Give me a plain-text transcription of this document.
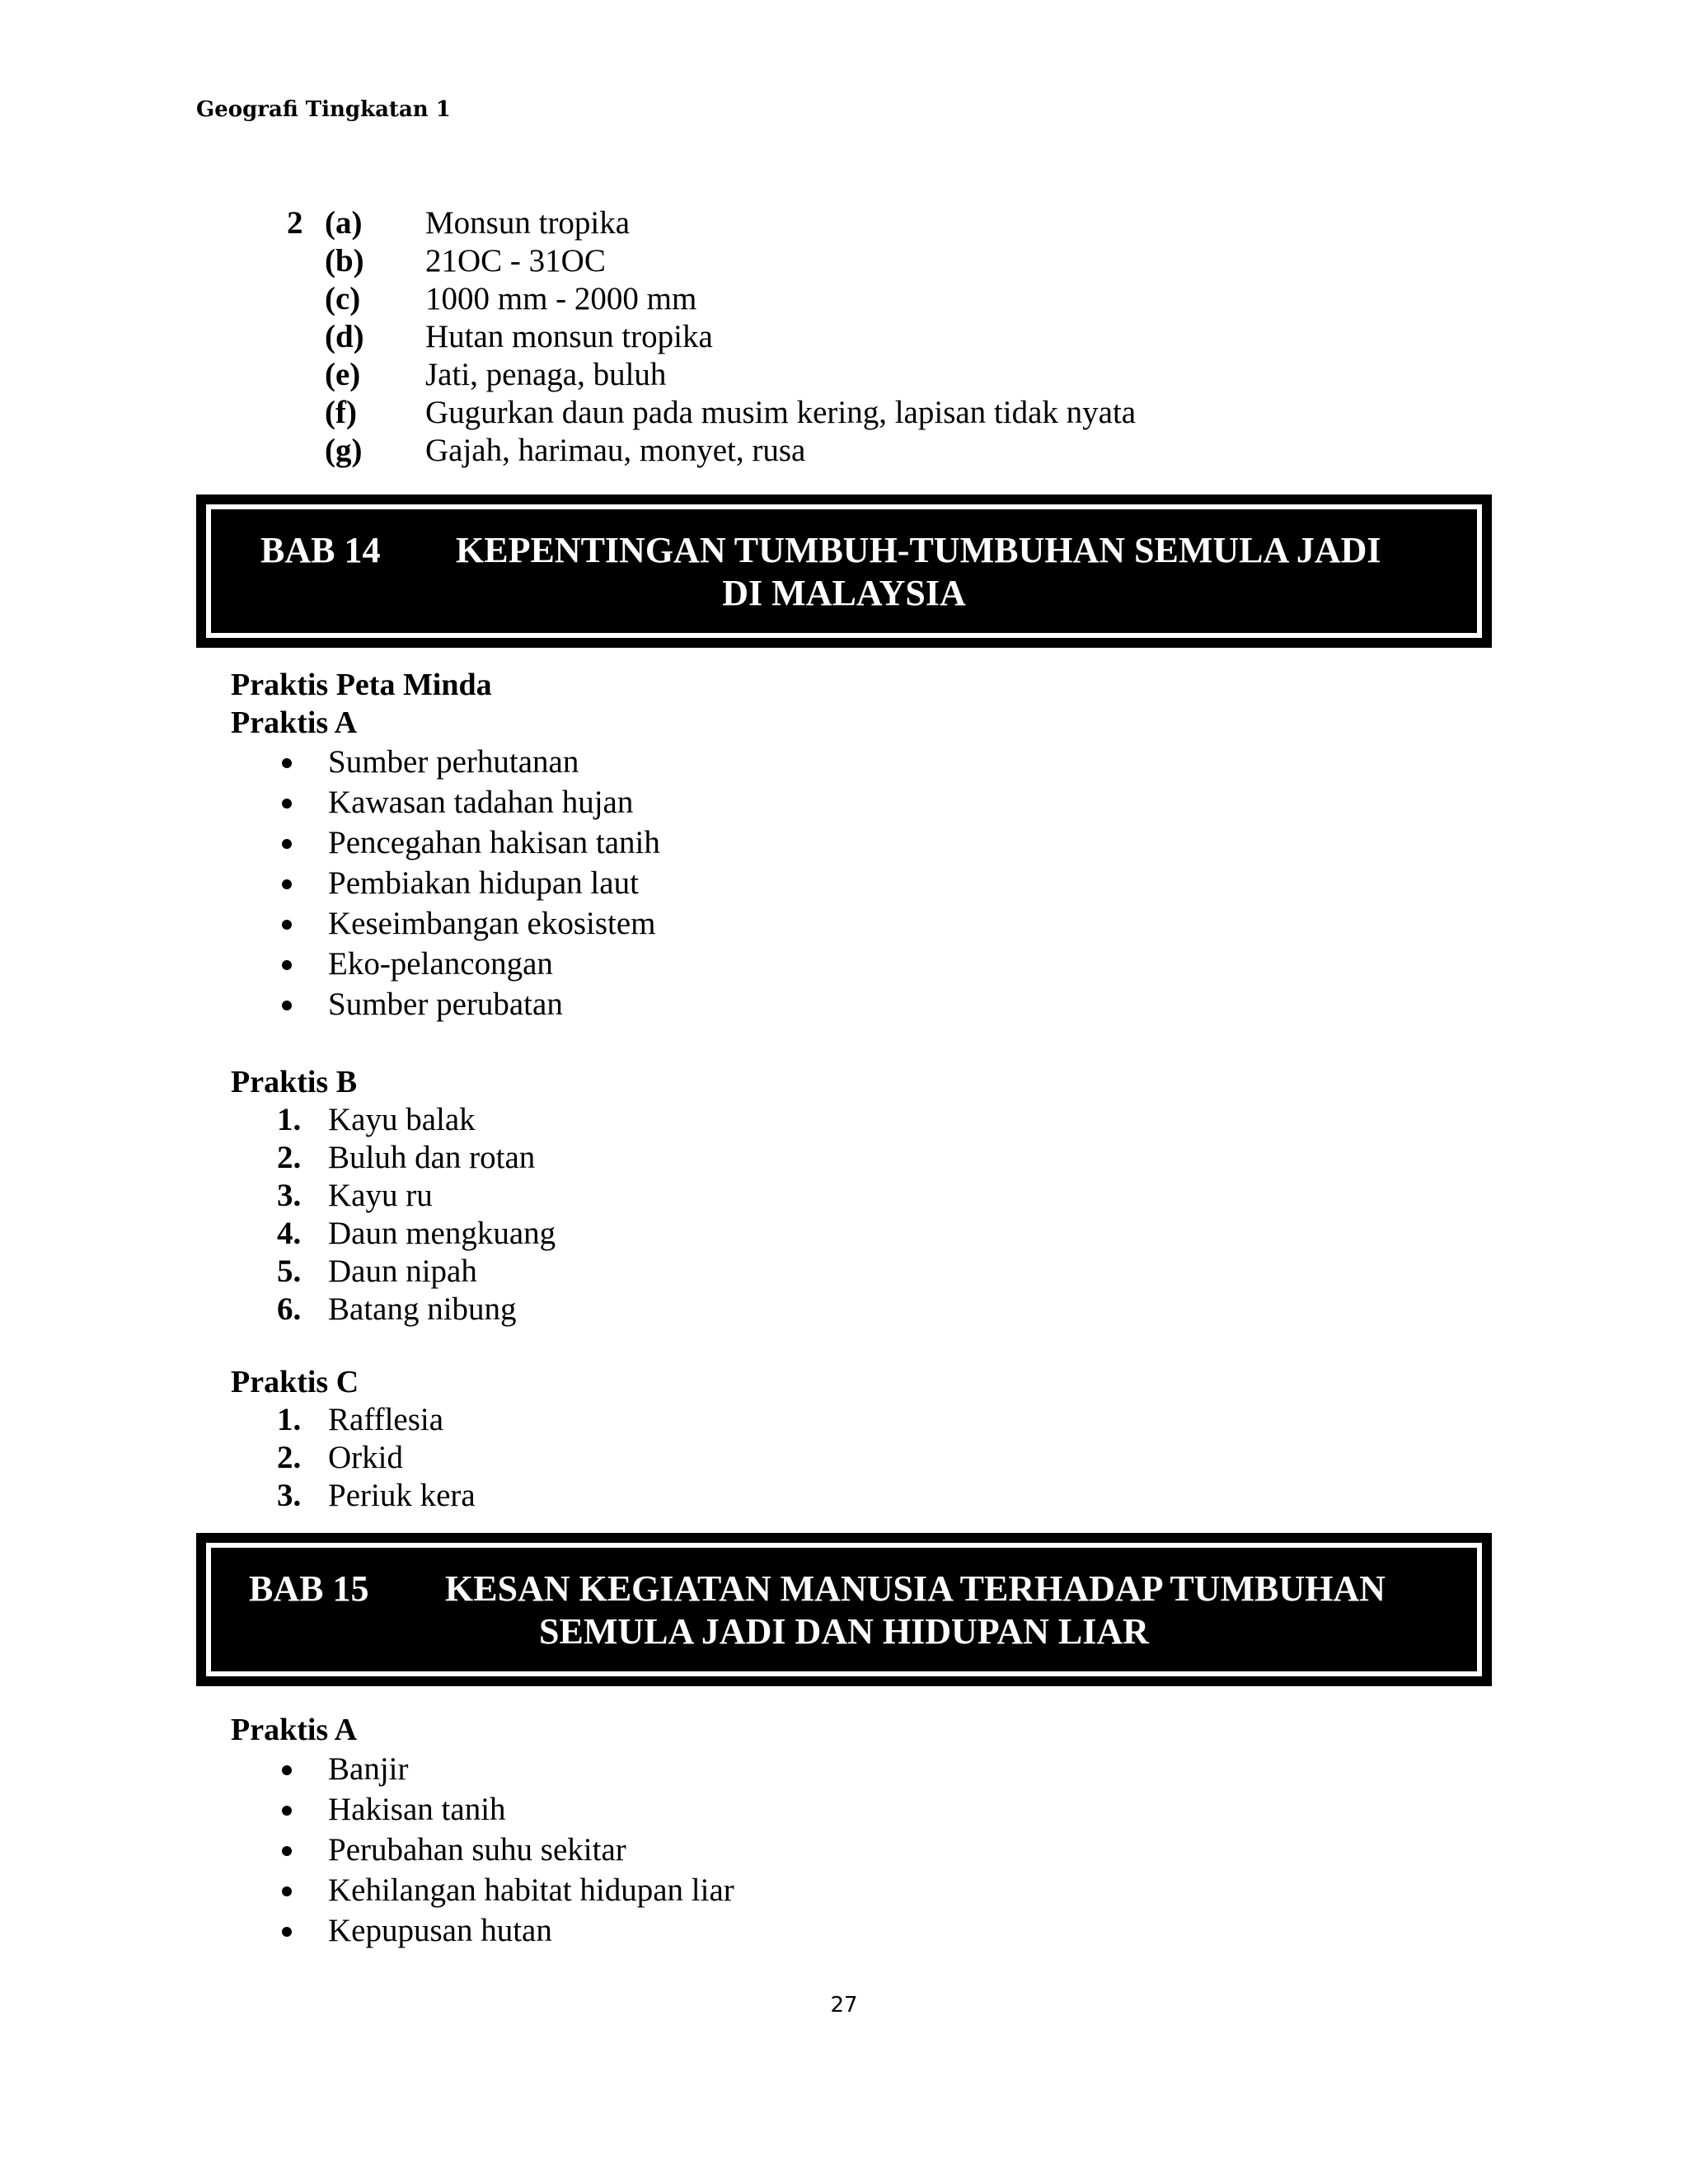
Geografi Tingkatan 1
2 (a) Monsun tropika
(b) 21OC - 31OC
(c) 1000 mm - 2000 mm
(d) Hutan monsun tropika
(e) Jati, penaga, buluh
(f) Gugurkan daun pada musim kering, lapisan tidak nyata
(g) Gajah, harimau, monyet, rusa
BAB 14 KEPENTINGAN TUMBUH-TUMBUHAN SEMULA JADI
DI MALAYSIA
Praktis Peta Minda
Praktis A
Sumber perhutanan
Kawasan tadahan hujan
Pencegahan hakisan tanih
Pembiakan hidupan laut
Keseimbangan ekosistem
Eko-pelancongan
Sumber perubatan
Praktis B
1. Kayu balak
2. Buluh dan rotan
3. Kayu ru
4. Daun mengkuang
5. Daun nipah
6. Batang nibung
Praktis C
1. Rafflesia
2. Orkid
3. Periuk kera
BAB 15 KESAN KEGIATAN MANUSIA TERHADAP TUMBUHAN
SEMULA JADI DAN HIDUPAN LIAR
Praktis A
Banjir
Hakisan tanih
Perubahan suhu sekitar
Kehilangan habitat hidupan liar
Kepupusan hutan
27
